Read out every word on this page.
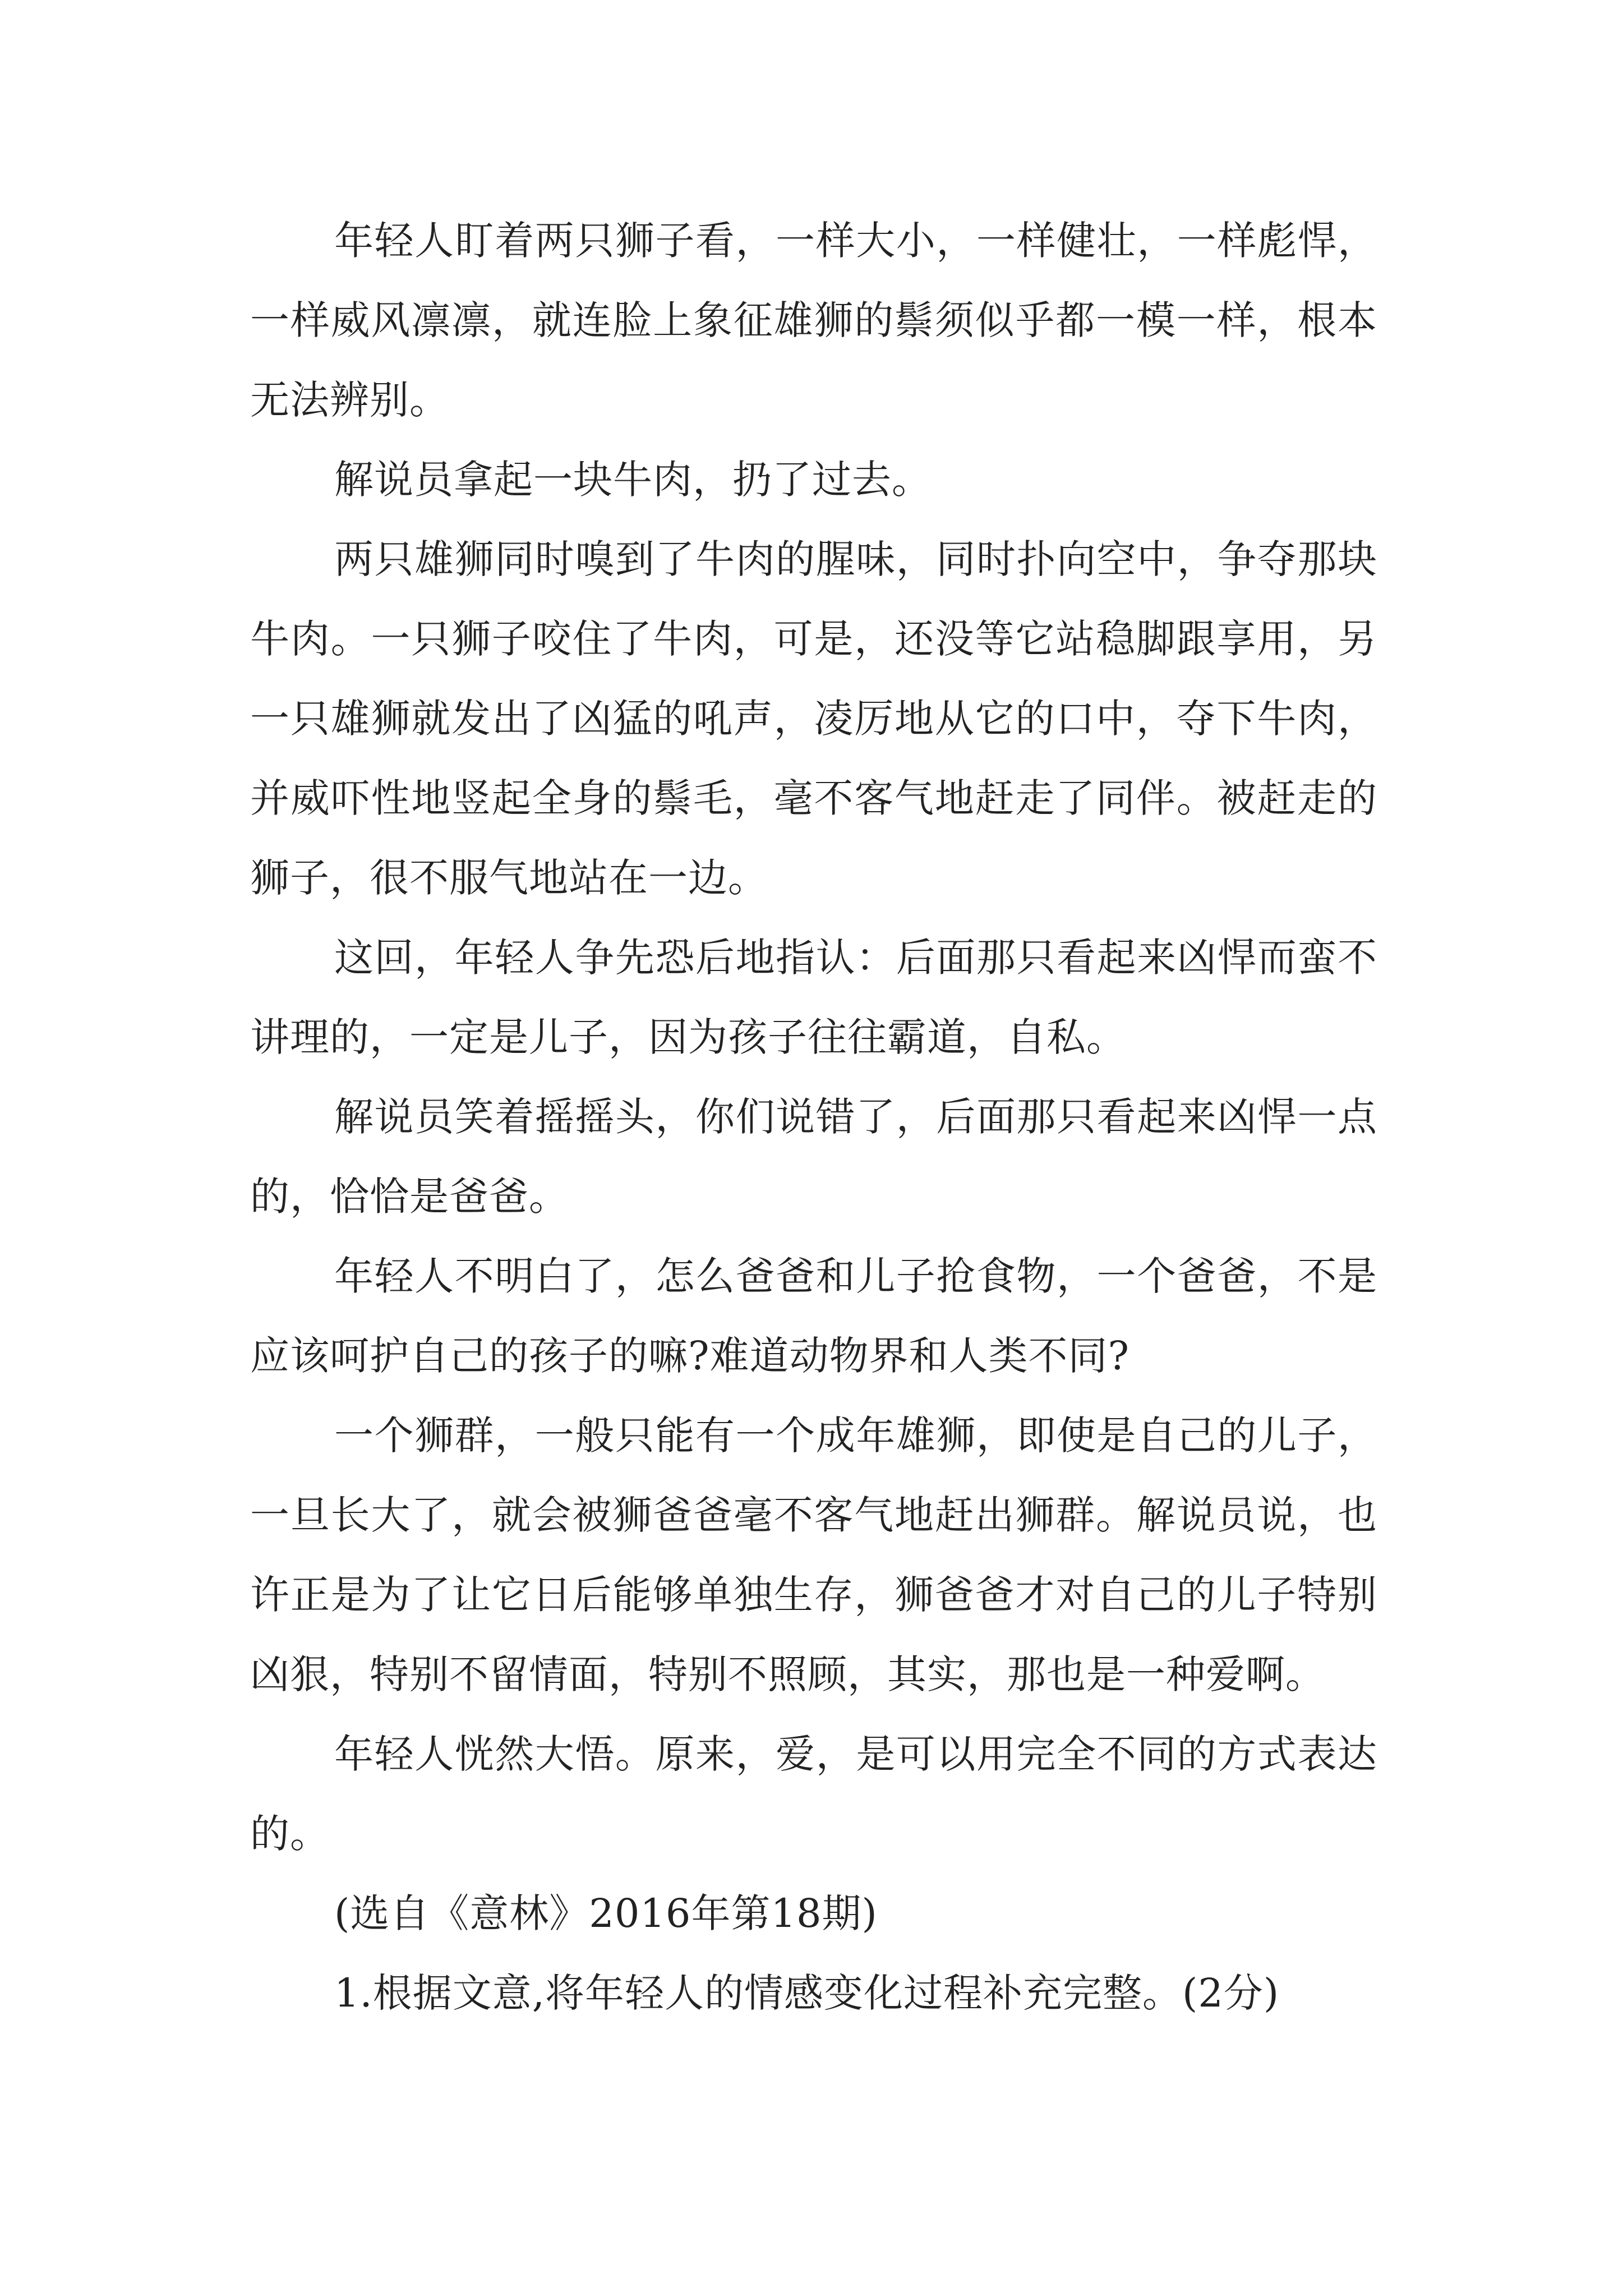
年轻人盯着两只狮子看，一样大小，一样健壮，一样彪悍，一样威风凛凛，就连脸上象征雄狮的鬃须似乎都一模一样，根本无法辨别。

解说员拿起一块牛肉，扔了过去。

两只雄狮同时嗅到了牛肉的腥味，同时扑向空中，争夺那块牛肉。一只狮子咬住了牛肉，可是，还没等它站稳脚跟享用，另一只雄狮就发出了凶猛的吼声，凌厉地从它的口中，夺下牛肉，并威吓性地竖起全身的鬃毛，毫不客气地赶走了同伴。被赶走的狮子，很不服气地站在一边。

这回，年轻人争先恐后地指认：后面那只看起来凶悍而蛮不讲理的，一定是儿子，因为孩子往往霸道，自私。

解说员笑着摇摇头，你们说错了，后面那只看起来凶悍一点的，恰恰是爸爸。

年轻人不明白了，怎么爸爸和儿子抢食物，一个爸爸，不是应该呵护自己的孩子的嘛?难道动物界和人类不同?

一个狮群，一般只能有一个成年雄狮，即使是自己的儿子，一旦长大了，就会被狮爸爸毫不客气地赶出狮群。解说员说，也许正是为了让它日后能够单独生存，狮爸爸才对自己的儿子特别凶狠，特别不留情面，特别不照顾，其实，那也是一种爱啊。

年轻人恍然大悟。原来，爱，是可以用完全不同的方式表达的。

(选自《意林》2016年第18期)

1.根据文意,将年轻人的情感变化过程补充完整。(2分)
